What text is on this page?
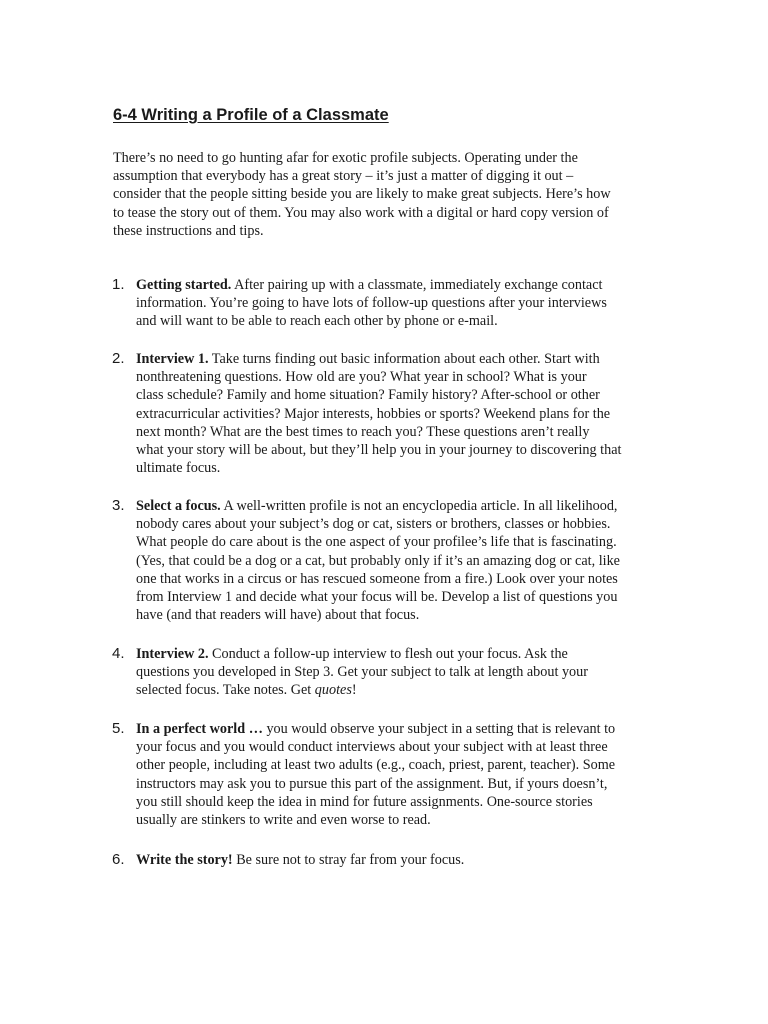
6-4 Writing a Profile of a Classmate

There’s no need to go hunting afar for exotic profile subjects. Operating under the
assumption that everybody has a great story – it’s just a matter of digging it out –
consider that the people sitting beside you are likely to make great subjects. Here’s how
to tease the story out of them. You may also work with a digital or hard copy version of
these instructions and tips.

1. Getting started. After pairing up with a classmate, immediately exchange contact
information. You’re going to have lots of follow-up questions after your interviews
and will want to be able to reach each other by phone or e-mail.

2. Interview 1. Take turns finding out basic information about each other. Start with
nonthreatening questions. How old are you? What year in school? What is your
class schedule? Family and home situation? Family history? After-school or other
extracurricular activities? Major interests, hobbies or sports? Weekend plans for the
next month? What are the best times to reach you? These questions aren’t really
what your story will be about, but they’ll help you in your journey to discovering that
ultimate focus.

3. Select a focus. A well-written profile is not an encyclopedia article. In all likelihood,
nobody cares about your subject’s dog or cat, sisters or brothers, classes or hobbies.
What people do care about is the one aspect of your profilee’s life that is fascinating.
(Yes, that could be a dog or a cat, but probably only if it’s an amazing dog or cat, like
one that works in a circus or has rescued someone from a fire.) Look over your notes
from Interview 1 and decide what your focus will be. Develop a list of questions you
have (and that readers will have) about that focus.

4. Interview 2. Conduct a follow-up interview to flesh out your focus. Ask the
questions you developed in Step 3. Get your subject to talk at length about your
selected focus. Take notes. Get quotes!

5. In a perfect world … you would observe your subject in a setting that is relevant to
your focus and you would conduct interviews about your subject with at least three
other people, including at least two adults (e.g., coach, priest, parent, teacher). Some
instructors may ask you to pursue this part of the assignment. But, if yours doesn’t,
you still should keep the idea in mind for future assignments. One-source stories
usually are stinkers to write and even worse to read.

6. Write the story! Be sure not to stray far from your focus.
